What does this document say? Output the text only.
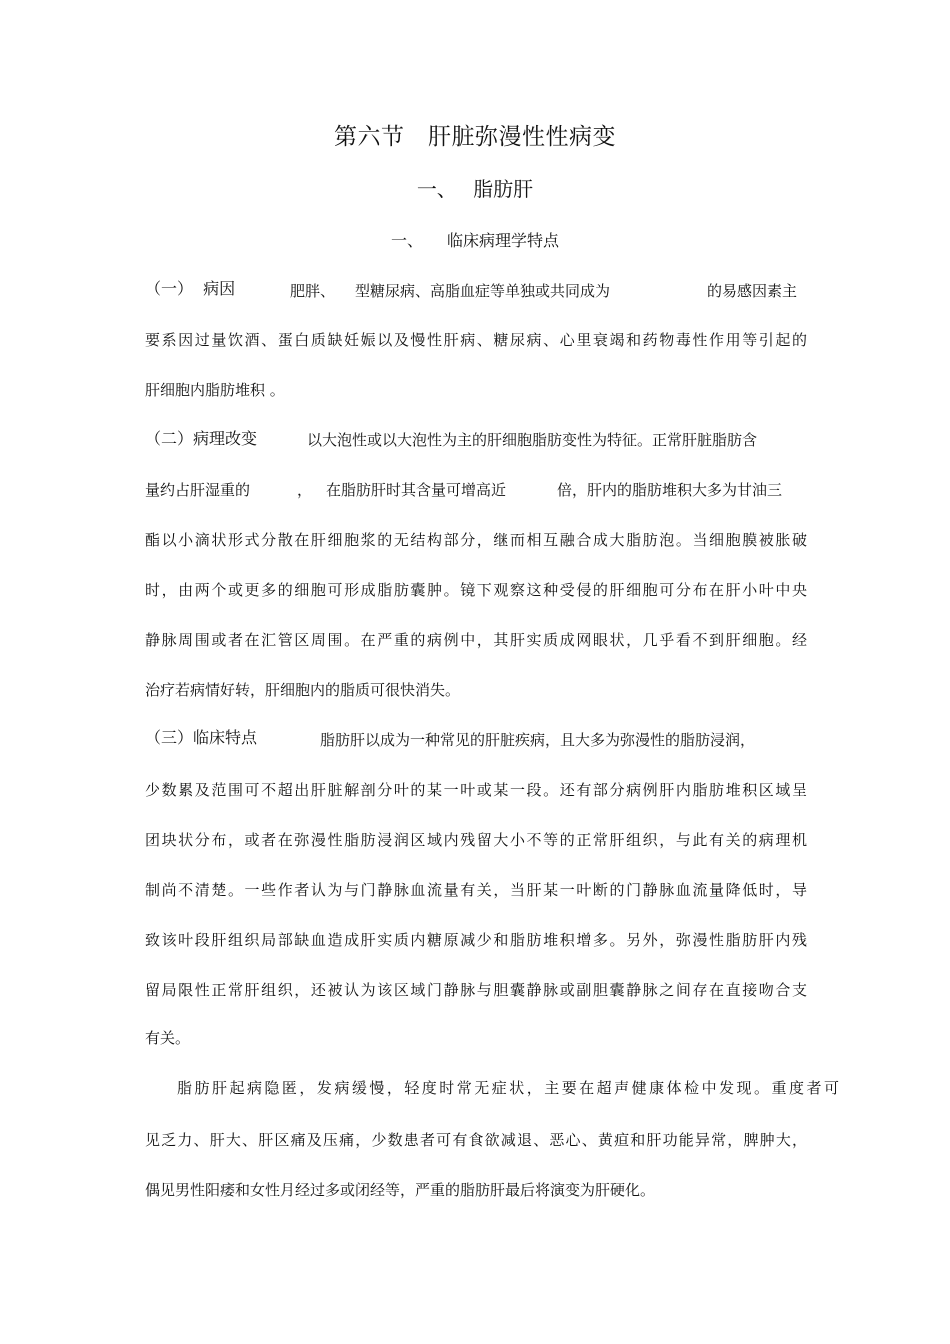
第六节　肝脏弥漫性性病变
一、　 脂肪肝
一、　　临床病理学特点
（一）  病因	肥胖、 型糖尿病、高脂血症等单独或共同成为	的易感因素主
要系因过量饮酒、蛋白质缺妊娠以及慢性肝病、糖尿病、心里衰竭和药物毒性作用等引起的
肝细胞内脂肪堆积 。
（二）病理改变	以大泡性或以大泡性为主的肝细胞脂肪变性为特征。正常肝脏脂肪含
量约占肝湿重的	， 在脂肪肝时其含量可增高近	倍，肝内的脂肪堆积大多为甘油三
酯以小滴状形式分散在肝细胞浆的无结构部分，继而相互融合成大脂肪泡。当细胞膜被胀破
时，由两个或更多的细胞可形成脂肪囊肿。镜下观察这种受侵的肝细胞可分布在肝小叶中央
静脉周围或者在汇管区周围。在严重的病例中，其肝实质成网眼状，几乎看不到肝细胞。经
治疗若病情好转，肝细胞内的脂质可很快消失。
（三）临床特点	脂肪肝以成为一种常见的肝脏疾病，且大多为弥漫性的脂肪浸润，
少数累及范围可不超出肝脏解剖分叶的某一叶或某一段。还有部分病例肝内脂肪堆积区域呈
团块状分布，或者在弥漫性脂肪浸润区域内残留大小不等的正常肝组织，与此有关的病理机
制尚不清楚。一些作者认为与门静脉血流量有关，当肝某一叶断的门静脉血流量降低时，导
致该叶段肝组织局部缺血造成肝实质内糖原减少和脂肪堆积增多。另外，弥漫性脂肪肝内残
留局限性正常肝组织，还被认为该区域门静脉与胆囊静脉或副胆囊静脉之间存在直接吻合支
有关。
脂肪肝起病隐匿，发病缓慢，轻度时常无症状，主要在超声健康体检中发现。重度者可
见乏力、肝大、肝区痛及压痛，少数患者可有食欲减退、恶心、黄疸和肝功能异常，脾肿大，
偶见男性阳痿和女性月经过多或闭经等，严重的脂肪肝最后将演变为肝硬化。
